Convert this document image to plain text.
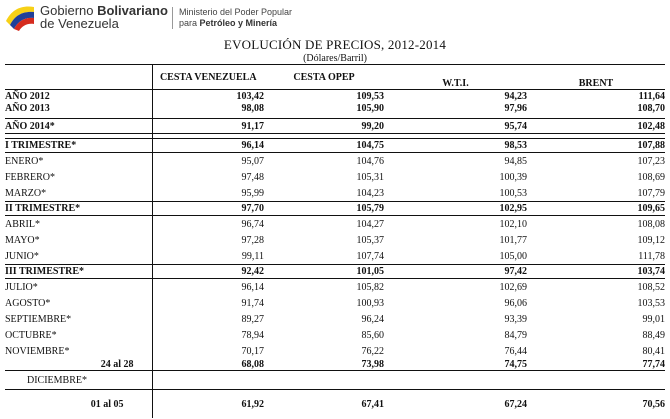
Gobierno Bolivariano
de Venezuela
Ministerio del Poder Popular
para Petróleo y Minería
EVOLUCIÓN DE PRECIOS, 2012-2014
(Dólares/Barril)
	CESTA VENEZUELA	CESTA OPEP	W.T.I.	BRENT
AÑO 2012	103,42	109,53	94,23	111,64
AÑO 2013	98,08	105,90	97,96	108,70

AÑO 2014*	91,17	99,20	95,74	102,48

I TRIMESTRE*	96,14	104,75	98,53	107,88
ENERO*	95,07	104,76	94,85	107,23
FEBRERO*	97,48	105,31	100,39	108,69
MARZO*	95,99	104,23	100,53	107,79
II TRIMESTRE*	97,70	105,79	102,95	109,65
ABRIL*	96,74	104,27	102,10	108,08
MAYO*	97,28	105,37	101,77	109,12
JUNIO*	99,11	107,74	105,00	111,78
III TRIMESTRE*	92,42	101,05	97,42	103,74
JULIO*	96,14	105,82	102,69	108,52
AGOSTO*	91,74	100,93	96,06	103,53
SEPTIEMBRE*	89,27	96,24	93,39	99,01
OCTUBRE*	78,94	85,60	84,79	88,49
NOVIEMBRE*	70,17	76,22	76,44	80,41
24 al 28	68,08	73,98	74,75	77,74
DICIEMBRE*				
01 al 05	61,92	67,41	67,24	70,56
